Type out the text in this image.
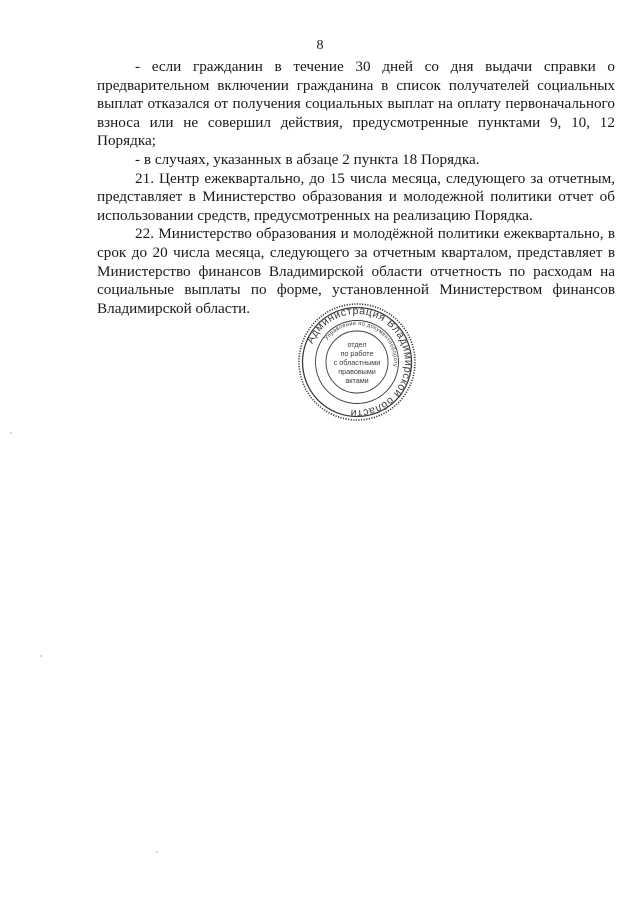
8

- если гражданин в течение 30 дней со дня выдачи справки о предварительном включении гражданина в список получателей социальных выплат отказался от получения социальных выплат на оплату первоначального взноса или не совершил действия, предусмотренные пунктами 9, 10, 12 Порядка;

- в случаях, указанных в абзаце 2 пункта 18 Порядка.

21. Центр ежеквартально, до 15 числа месяца, следующего за отчетным, представляет в Министерство образования и молодежной политики отчет об использовании средств, предусмотренных на реализацию Порядка.

22. Министерство образования и молодёжной политики ежеквартально, в срок до 20 числа месяца, следующего за отчетным кварталом, представляет в Министерство финансов Владимирской области отчетность по расходам на социальные выплаты по форме, установленной Министерством финансов Владимирской области.

Администрация Владимирской области
Управление по документообороту
отдел
по работе
с областными
правовыми
актами
